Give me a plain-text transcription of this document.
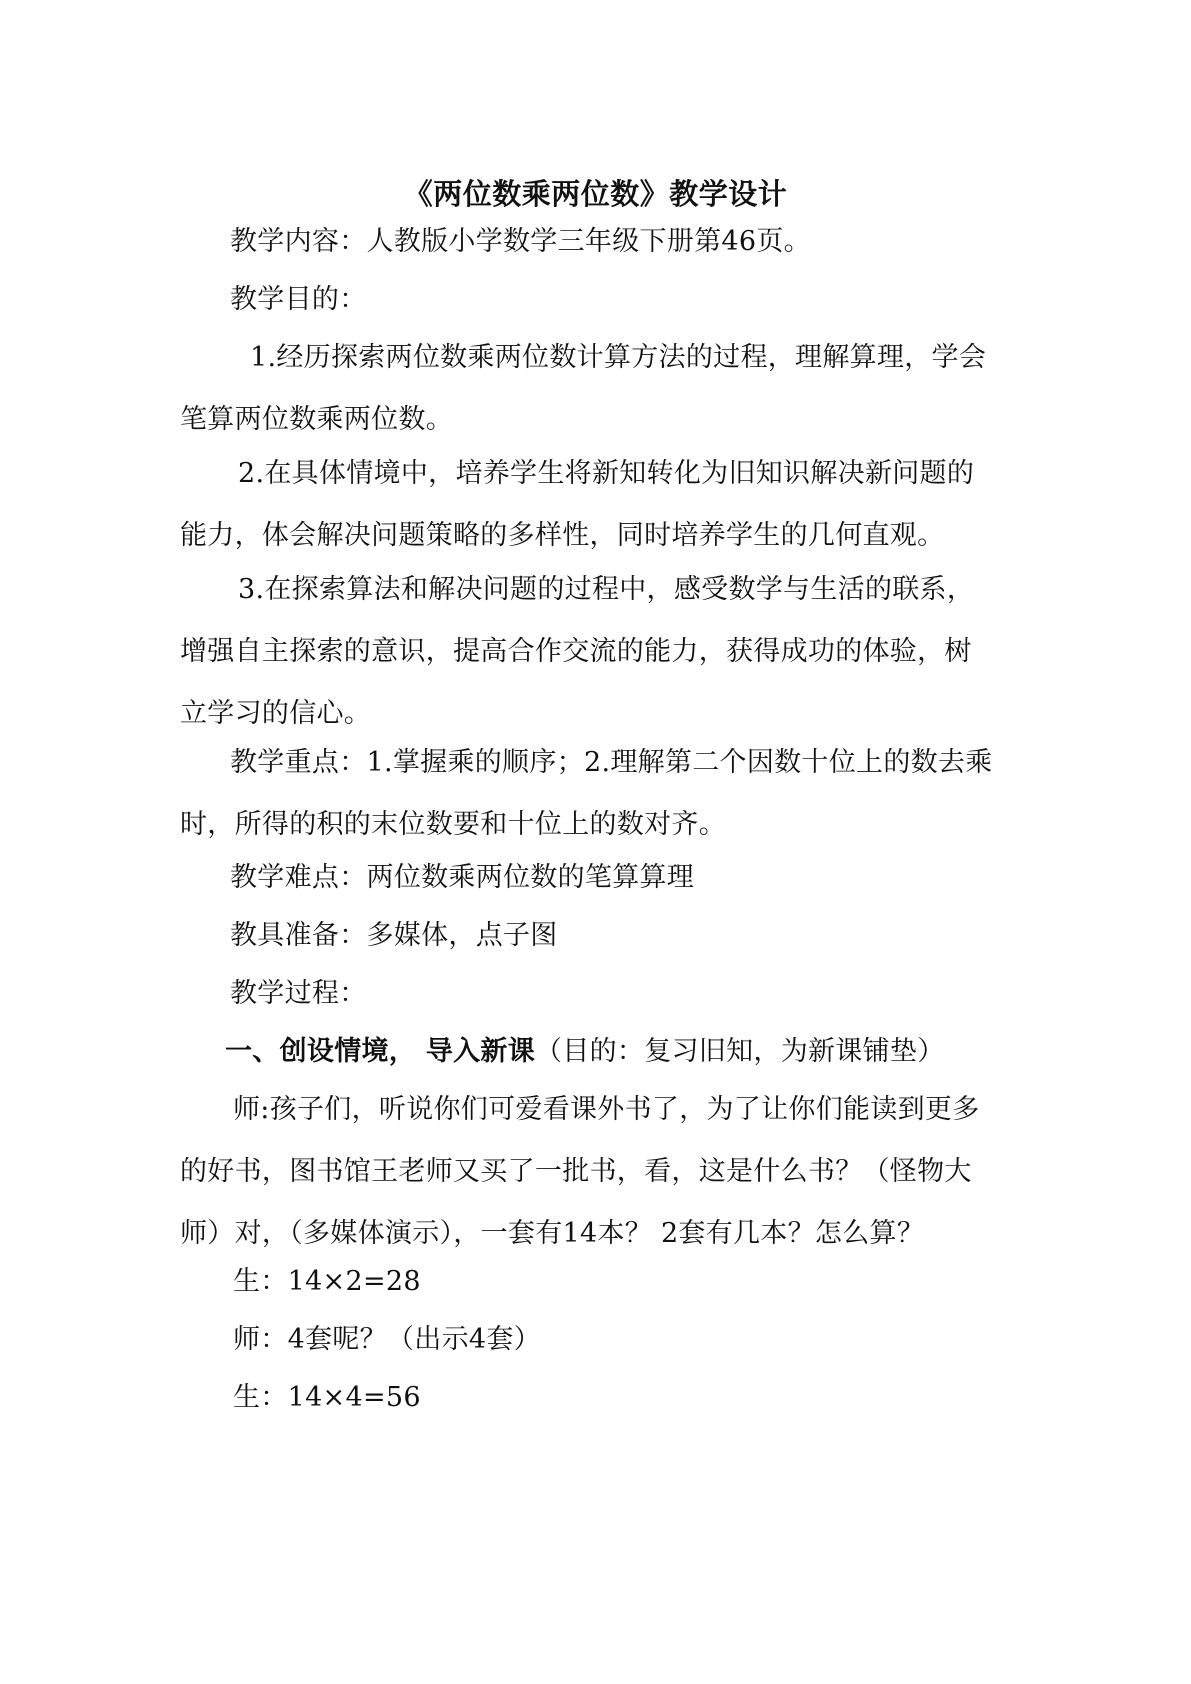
《两位数乘两位数》教学设计
教学内容：人教版小学数学三年级下册第46页。
教学目的：
1.经历探索两位数乘两位数计算方法的过程，理解算理，学会
笔算两位数乘两位数。
2.在具体情境中，培养学生将新知转化为旧知识解决新问题的
能力，体会解决问题策略的多样性，同时培养学生的几何直观。
3.在探索算法和解决问题的过程中，感受数学与生活的联系，
增强自主探索的意识，提高合作交流的能力，获得成功的体验，树
立学习的信心。
教学重点：1.掌握乘的顺序；2.理解第二个因数十位上的数去乘
时，所得的积的末位数要和十位上的数对齐。
教学难点：两位数乘两位数的笔算算理
教具准备：多媒体，点子图
教学过程：
一、创设情境， 导入新课（目的：复习旧知，为新课铺垫）
师:孩子们，听说你们可爱看课外书了，为了让你们能读到更多
的好书，图书馆王老师又买了一批书，看，这是什么书？（怪物大
师）对，（多媒体演示），一套有14本？ 2套有几本？怎么算？
生：14×2=28
师：4套呢？（出示4套）
生：14×4=56
